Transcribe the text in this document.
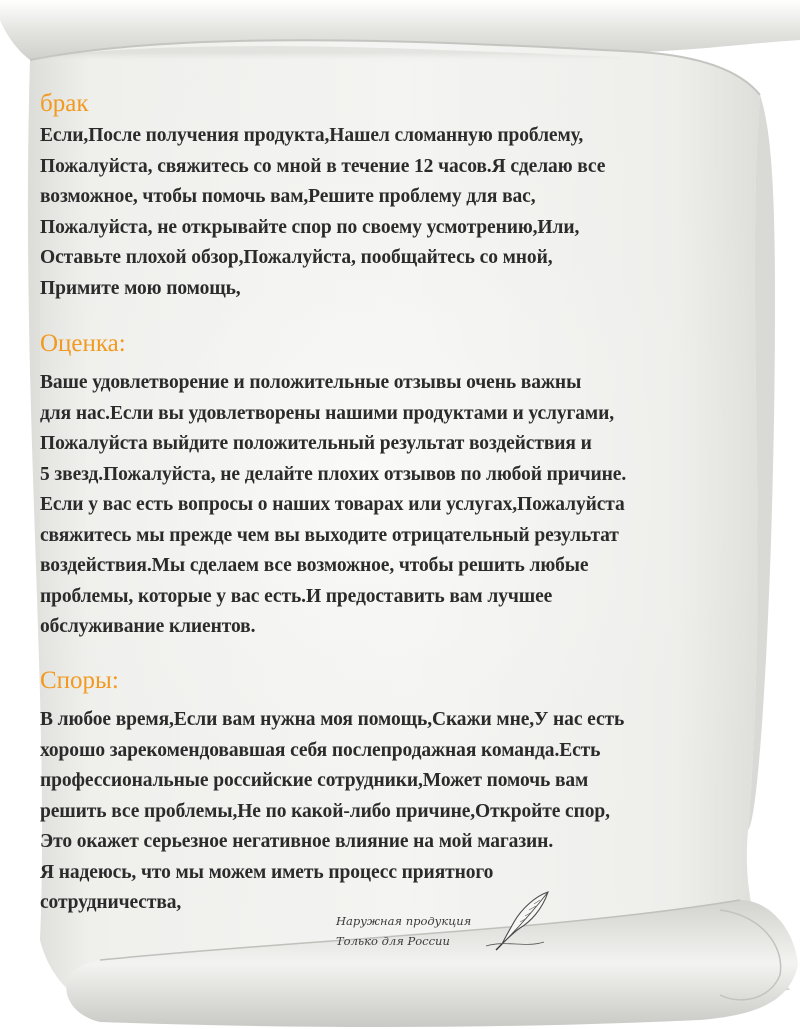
брак

Если,После получения продукта,Нашел сломанную проблему,
Пожалуйста, свяжитесь со мной в течение 12 часов.Я сделаю все
возможное, чтобы помочь вам,Решите проблему для вас,
Пожалуйста, не открывайте спор по своему усмотрению,Или,
Оставьте плохой обзор,Пожалуйста, пообщайтесь со мной,
Примите мою помощь,

Оценка:

Ваше удовлетворение и положительные отзывы очень важны
для нас.Если вы удовлетворены нашими продуктами и услугами,
Пожалуйста выйдите положительный результат воздействия и
5 звезд.Пожалуйста, не делайте плохих отзывов по любой причине.
Если у вас есть вопросы о наших товарах или услугах,Пожалуйста
свяжитесь мы прежде чем вы выходите отрицательный результат
воздействия.Мы сделаем все возможное, чтобы решить любые
проблемы, которые у вас есть.И предоставить вам лучшее
обслуживание клиентов.

Споры:

В любое время,Если вам нужна моя помощь,Скажи мне,У нас есть
хорошо зарекомендовавшая себя послепродажная команда.Есть
профессиональные российские сотрудники,Может помочь вам
решить все проблемы,Не по какой-либо причине,Откройте спор,
Это окажет серьезное негативное влияние на мой магазин.
Я надеюсь, что мы можем иметь процесс приятного
сотрудничества,

Наружная продукция
Только для России
